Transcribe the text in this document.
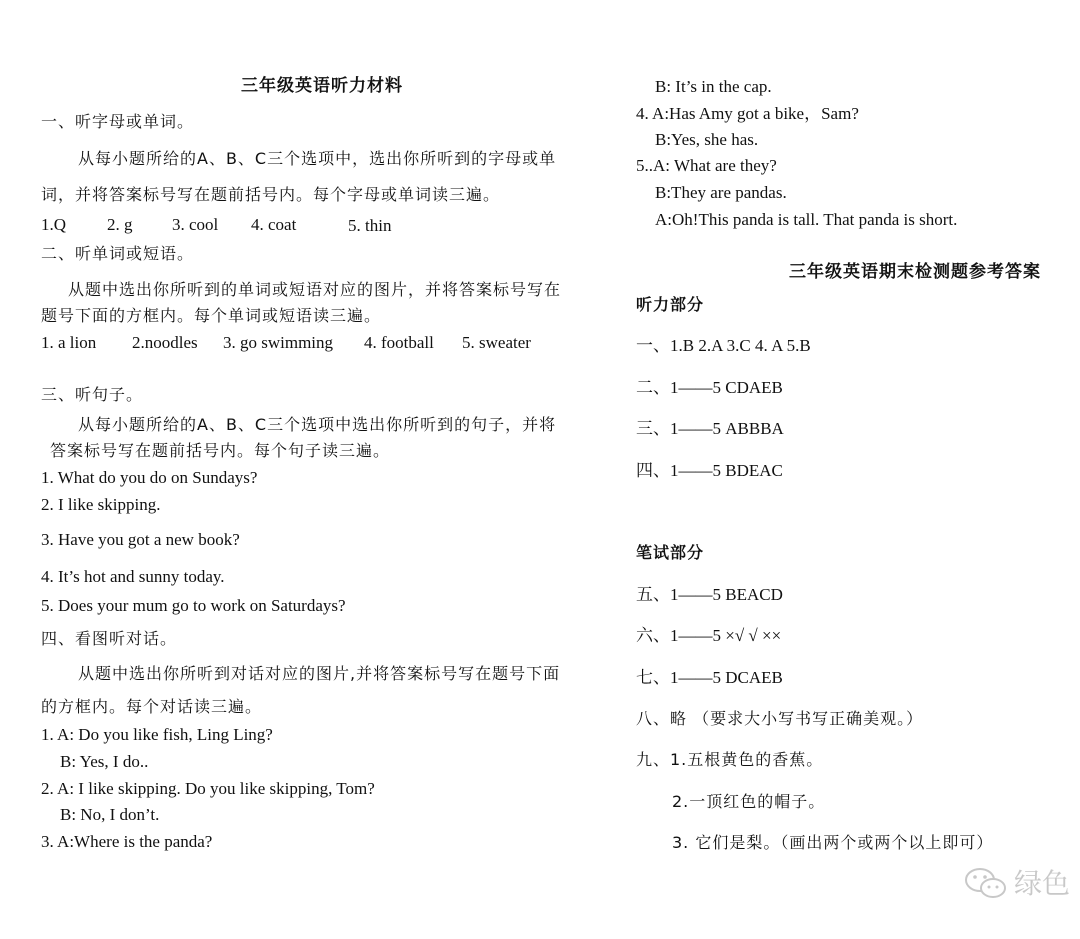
三年级英语听力材料
一、听字母或单词。
从每小题所给的A、B、C三个选项中，选出你所听到的字母或单
词，并将答案标号写在题前括号内。每个字母或单词读三遍。
1.Q 2. g 3. cool 4. coat	5. thin
二、听单词或短语。
从题中选出你所听到的单词或短语对应的图片，并将答案标号写在
题号下面的方框内。每个单词或短语读三遍。
1. a lion 2.noodles 3. go swimming 4. football 5. sweater
三、听句子。
从每小题所给的A、B、C三个选项中选出你所听到的句子，并将
答案标号写在题前括号内。每个句子读三遍。
1. What do you do on Sundays?
2. I like skipping.
3. Have you got a new book?
4. It’s hot and sunny today.
5. Does your mum go to work on Saturdays?
四、看图听对话。
从题中选出你所听到对话对应的图片,并将答案标号写在题号下面
的方框内。每个对话读三遍。
1. A: Do you like fish, Ling Ling?
B: Yes, I do..
2. A: I like skipping. Do you like skipping, Tom?
B: No, I don’t.
3. A:Where is the panda?
B: It’s in the cap.
4. A:Has Amy got a bike，Sam?
B:Yes, she has.
5..A: What are they?
B:They are pandas.
A:Oh!This panda is tall. That panda is short.
三年级英语期末检测题参考答案
听力部分
一、1.B 2.A 3.C 4. A 5.B
二、1——5 CDAEB
三、1——5 ABBBA
四、1——5 BDEAC
笔试部分
五、1——5 BEACD
六、1——5 ×√ √ ××
七、1——5 DCAEB
八、略 （要求大小写书写正确美观。）
九、1.五根黄色的香蕉。
2.一顶红色的帽子。
3. 它们是梨。（画出两个或两个以上即可）
绿色
